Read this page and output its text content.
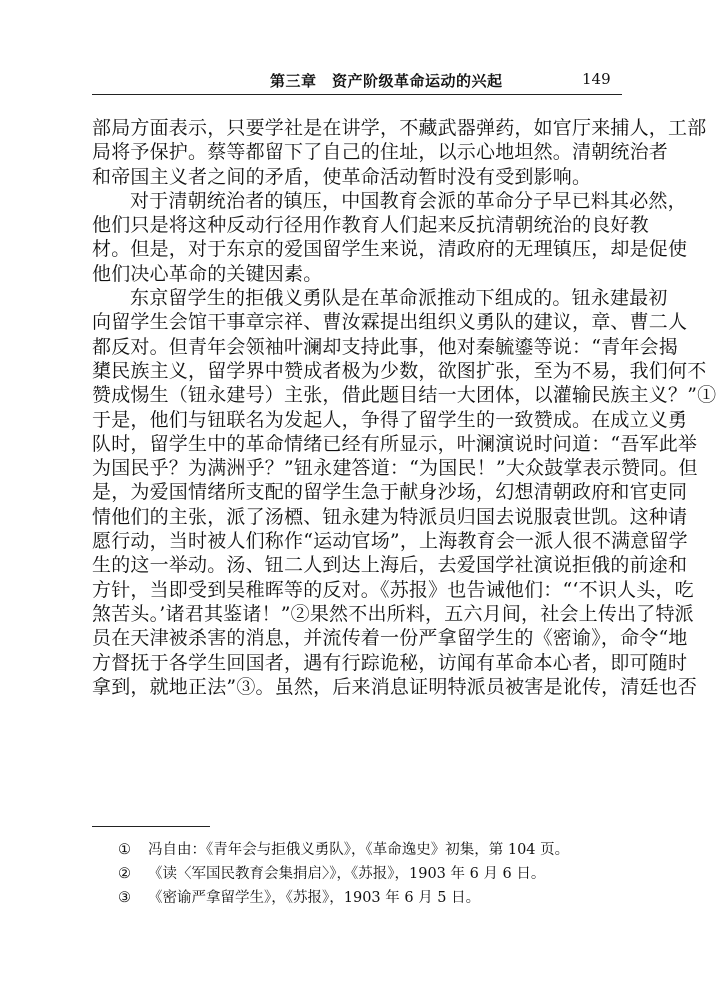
第三章　资产阶级革命运动的兴起	149
部局方面表示，只要学社是在讲学，不藏武器弹药，如官厅来捕人，工部
局将予保护。蔡等都留下了自己的住址，以示心地坦然。清朝统治者
和帝国主义者之间的矛盾，使革命活动暂时没有受到影响。
对于清朝统治者的镇压，中国教育会派的革命分子早已料其必然，
他们只是将这种反动行径用作教育人们起来反抗清朝统治的良好教
材。但是，对于东京的爱国留学生来说，清政府的无理镇压，却是促使
他们决心革命的关键因素。
东京留学生的拒俄义勇队是在革命派推动下组成的。钮永建最初
向留学生会馆干事章宗祥、曹汝霖提出组织义勇队的建议，章、曹二人
都反对。但青年会领袖叶澜却支持此事，他对秦毓鎏等说：“青年会揭
橥民族主义，留学界中赞成者极为少数，欲图扩张，至为不易，我们何不
赞成惕生（钮永建号）主张，借此题目结一大团体，以灌输民族主义？”①
于是，他们与钮联名为发起人，争得了留学生的一致赞成。在成立义勇
队时，留学生中的革命情绪已经有所显示，叶澜演说时问道：“吾军此举
为国民乎？为满洲乎？”钮永建答道：“为国民！”大众鼓掌表示赞同。但
是，为爱国情绪所支配的留学生急于献身沙场，幻想清朝政府和官吏同
情他们的主张，派了汤槱、钮永建为特派员归国去说服袁世凯。这种请
愿行动，当时被人们称作“运动官场”，上海教育会一派人很不满意留学
生的这一举动。汤、钮二人到达上海后，去爱国学社演说拒俄的前途和
方针，当即受到吴稚晖等的反对。《苏报》也告诫他们：“‘不识人头，吃
煞苦头。’诸君其鉴诸！”②果然不出所料，五六月间，社会上传出了特派
员在天津被杀害的消息，并流传着一份严拿留学生的《密谕》，命令“地
方督抚于各学生回国者，遇有行踪诡秘，访闻有革命本心者，即可随时
拿到，就地正法”③。虽然，后来消息证明特派员被害是讹传，清廷也否
① 冯自由：《青年会与拒俄义勇队》，《革命逸史》初集，第 104 页。
② 《读〈军国民教育会集捐启〉》，《苏报》，1903 年 6 月 6 日。
③ 《密谕严拿留学生》，《苏报》，1903 年 6 月 5 日。
